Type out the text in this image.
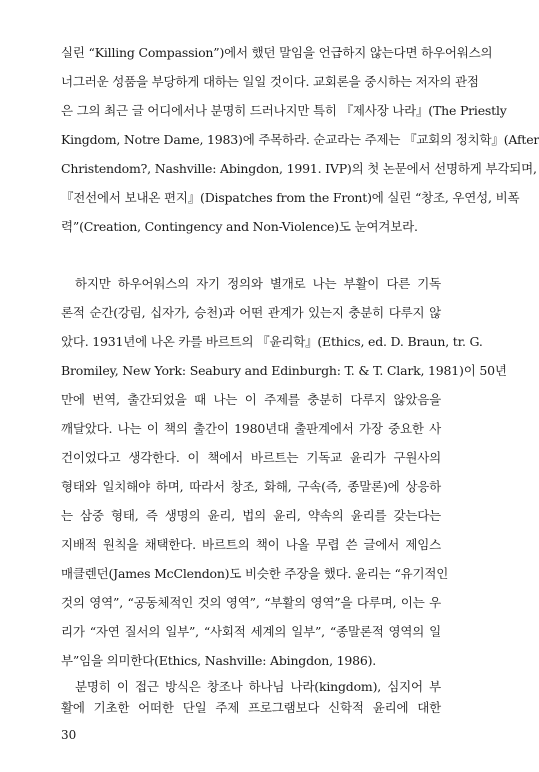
실린 “Killing Compassion”)에서 했던 말임을 언급하지 않는다면 하우어워스의
너그러운 성품을 부당하게 대하는 일일 것이다. 교회론을 중시하는 저자의 관점
은 그의 최근 글 어디에서나 분명히 드러나지만 특히 『제사장 나라』(The Priestly
Kingdom, Notre Dame, 1983)에 주목하라. 순교라는 주제는 『교회의 정치학』(After
Christendom?, Nashville: Abingdon, 1991. IVP)의 첫 논문에서 선명하게 부각되며,
『전선에서 보내온 편지』(Dispatches from the Front)에 실린 “창조, 우연성, 비폭
력”(Creation, Contingency and Non-Violence)도 눈여겨보라.
하지만 하우어워스의 자기 정의와 별개로 나는 부활이 다른 기독
론적 순간(강림, 십자가, 승천)과 어떤 관계가 있는지 충분히 다루지 않
았다. 1931년에 나온 카를 바르트의 『윤리학』(Ethics, ed. D. Braun, tr. G.
Bromiley, New York: Seabury and Edinburgh: T. & T. Clark, 1981)이 50년
만에 번역, 출간되었을 때 나는 이 주제를 충분히 다루지 않았음을
깨달았다. 나는 이 책의 출간이 1980년대 출판계에서 가장 중요한 사
건이었다고 생각한다. 이 책에서 바르트는 기독교 윤리가 구원사의
형태와 일치해야 하며, 따라서 창조, 화해, 구속(즉, 종말론)에 상응하
는 삼중 형태, 즉 생명의 윤리, 법의 윤리, 약속의 윤리를 갖는다는
지배적 원칙을 채택한다. 바르트의 책이 나올 무렵 쓴 글에서 제임스
매클렌던(James McClendon)도 비슷한 주장을 했다. 윤리는 “유기적인
것의 영역”, “공동체적인 것의 영역”, “부활의 영역”을 다루며, 이는 우
리가 “자연 질서의 일부”, “사회적 세계의 일부”, “종말론적 영역의 일
부”임을 의미한다(Ethics, Nashville: Abingdon, 1986).
분명히 이 접근 방식은 창조나 하나님 나라(kingdom), 심지어 부
활에 기초한 어떠한 단일 주제 프로그램보다 신학적 윤리에 대한
30
